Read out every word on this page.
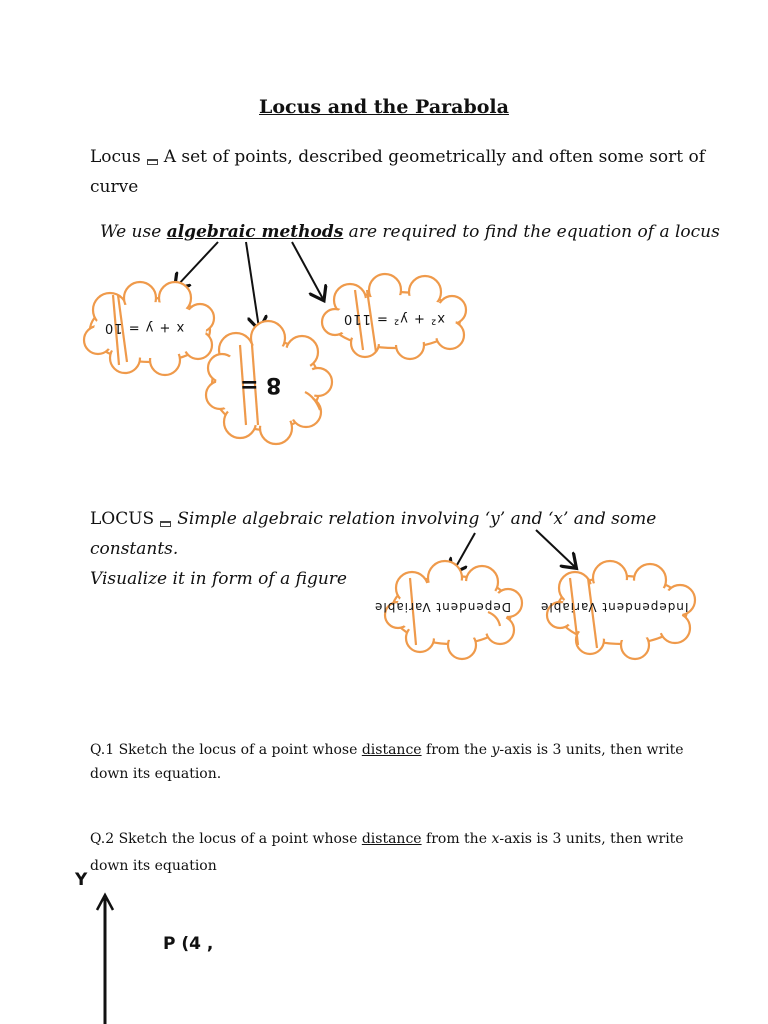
Locus and the Parabola
Locus A set of points, described geometrically and often some sort of
curve
We use algebraic methods are required to find the equation of a locus
x + y = 10
8 =
x² + y² = 110
LOCUS Simple algebraic relation involving ‘y’ and ‘x’ and some
constants.
Visualize it in form of a figure
Dependent Variable Independent Variable
Q.1 Sketch the locus of a point whose distance from the y-axis is 3 units, then write
down its equation.
Q.2 Sketch the locus of a point whose distance from the x-axis is 3 units, then write
down its equation
Y
P (4 ,
